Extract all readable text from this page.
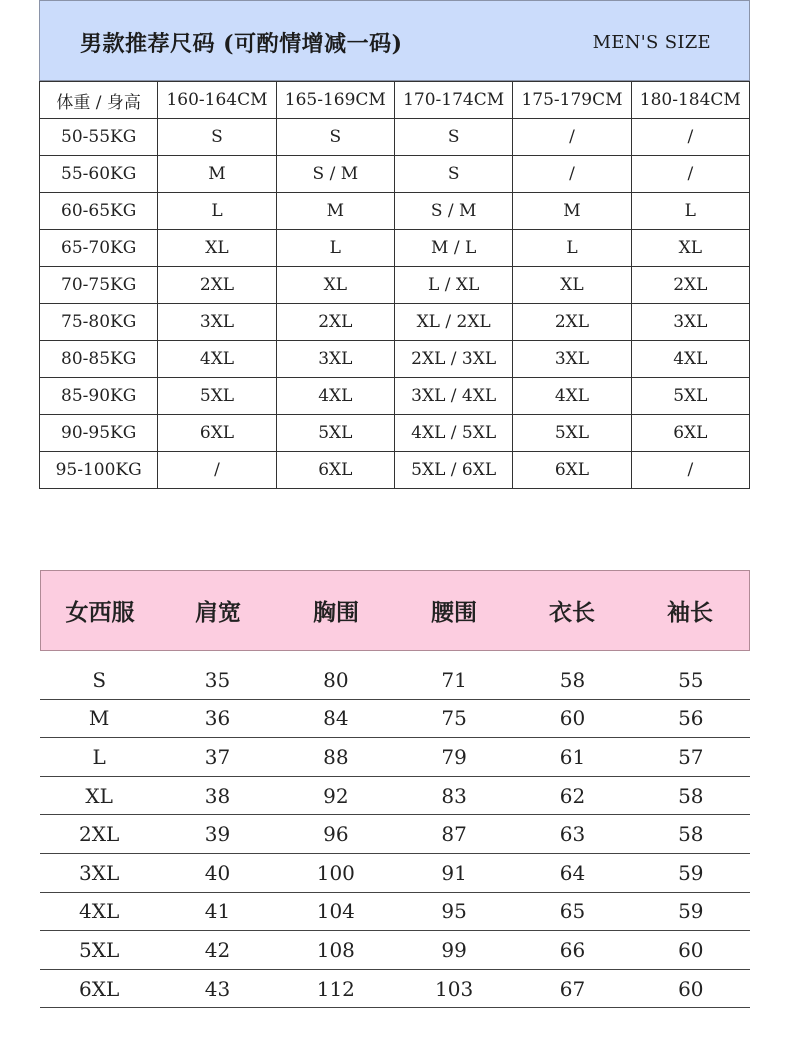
男款推荐尺码 (可酌情增减一码)	MEN'S SIZE
体重 / 身高	160-164CM	165-169CM	170-174CM	175-179CM	180-184CM
50-55KG	S	S	S	/	/
55-60KG	M	S / M	S	/	/
60-65KG	L	M	S / M	M	L
65-70KG	XL	L	M / L	L	XL
70-75KG	2XL	XL	L / XL	XL	2XL
75-80KG	3XL	2XL	XL / 2XL	2XL	3XL
80-85KG	4XL	3XL	2XL / 3XL	3XL	4XL
85-90KG	5XL	4XL	3XL / 4XL	4XL	5XL
90-95KG	6XL	5XL	4XL / 5XL	5XL	6XL
95-100KG	/	6XL	5XL / 6XL	6XL	/
女西服	肩宽	胸围	腰围	衣长	袖长
S	35	80	71	58	55
M	36	84	75	60	56
L	37	88	79	61	57
XL	38	92	83	62	58
2XL	39	96	87	63	58
3XL	40	100	91	64	59
4XL	41	104	95	65	59
5XL	42	108	99	66	60
6XL	43	112	103	67	60
